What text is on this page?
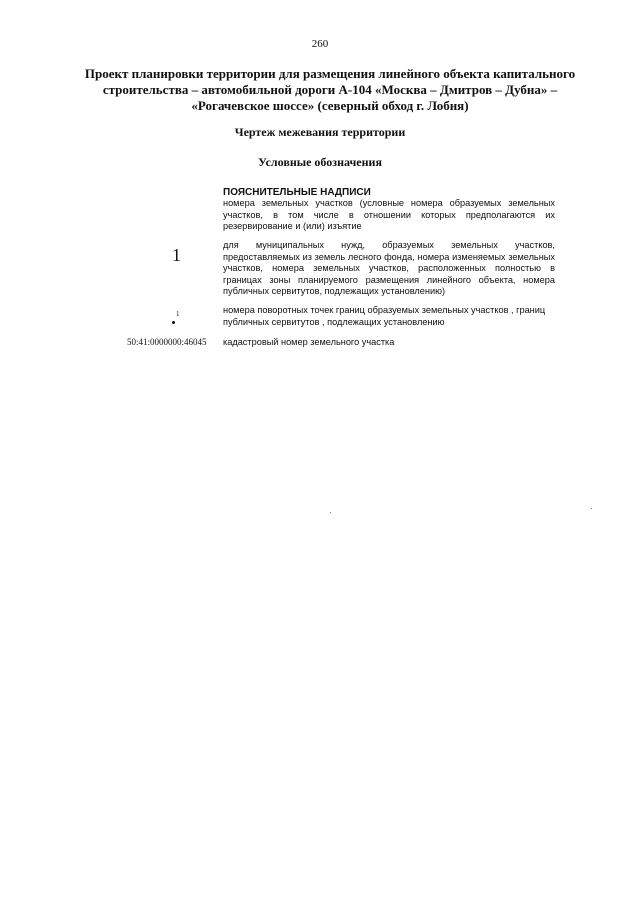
260
Проект планировки территории для размещения линейного объекта капитального строительства – автомобильной дороги А-104 «Москва – Дмитров – Дубна» – «Рогачевское шоссе» (северный обход г. Лобня)
Чертеж межевания территории
Условные обозначения
ПОЯСНИТЕЛЬНЫЕ НАДПИСИ
номера земельных участков (условные номера образуемых земельных участков, в том числе в отношении которых предполагаются их резервирование и (или) изъятие
1	для муниципальных нужд, образуемых земельных участков, предоставляемых из земель лесного фонда, номера изменяемых земельных участков, номера земельных участков, расположенных полностью в границах зоны планируемого размещения линейного объекта, номера публичных сервитутов, подлежащих установлению)
1	номера поворотных точек границ образуемых земельных участков , границ публичных сервитутов , подлежащих установлению
50:41:0000000:46045 кадастровый номер земельного участка
